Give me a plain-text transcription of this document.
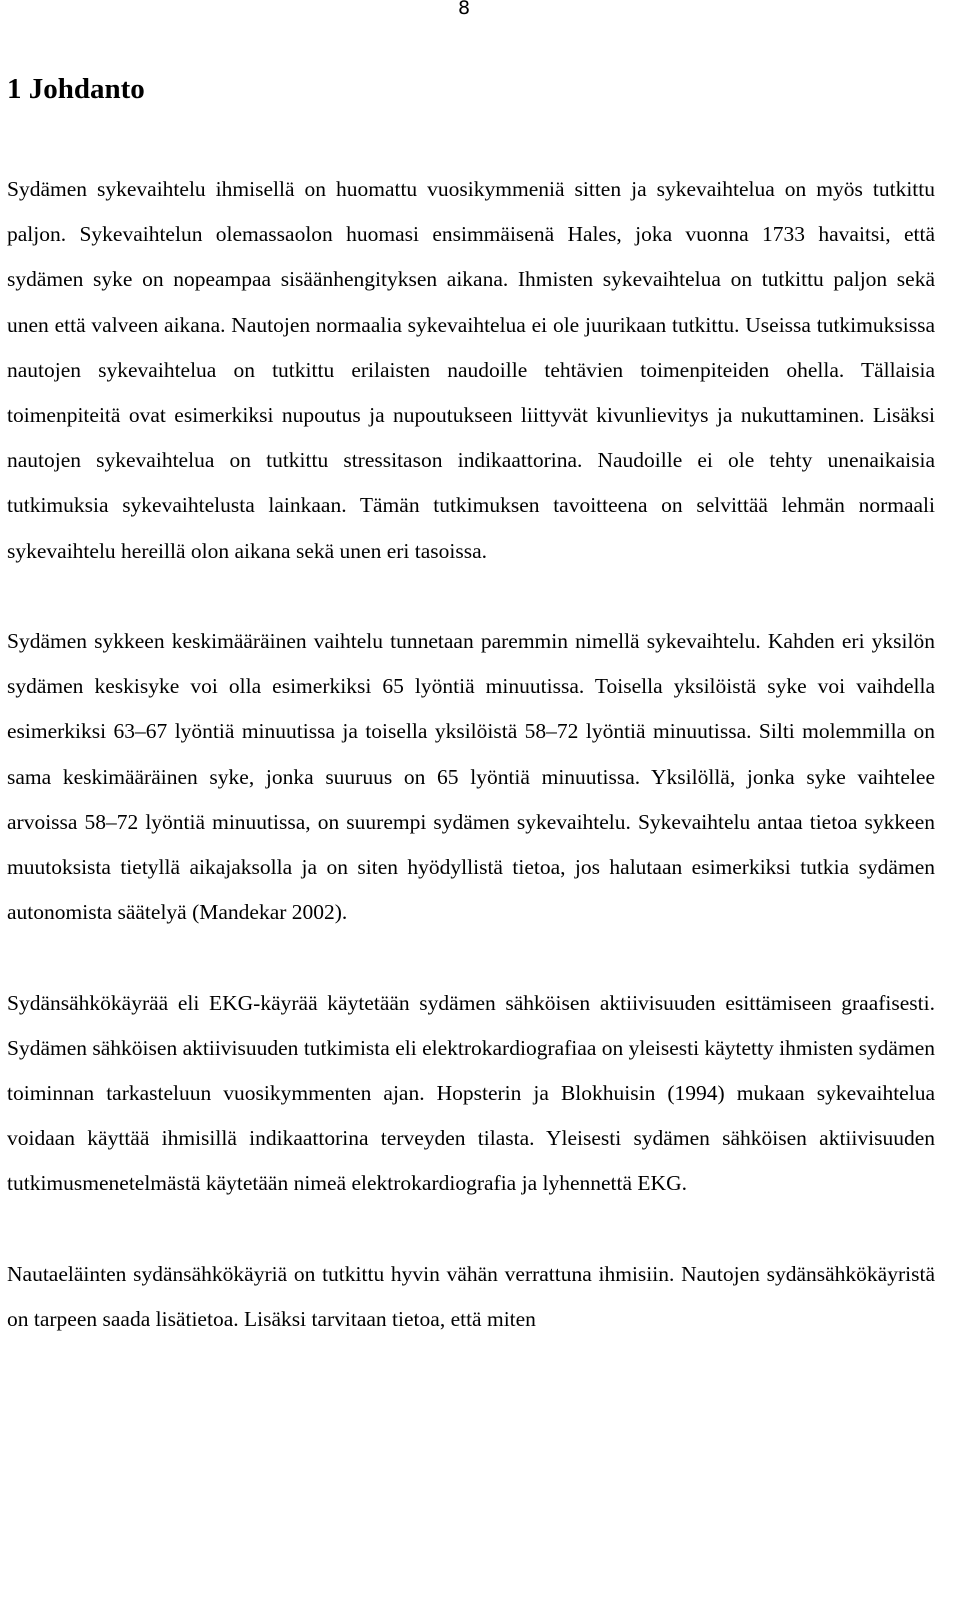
8
1 Johdanto

Sydämen sykevaihtelu ihmisellä on huomattu vuosikymmeniä sitten ja sykevaihtelua on myös tutkittu paljon. Sykevaihtelun olemassaolon huomasi ensimmäisenä Hales, joka vuonna 1733 havaitsi, että sydämen syke on nopeampaa sisäänhengityksen aikana. Ihmisten sykevaihtelua on tutkittu paljon sekä unen että valveen aikana. Nautojen normaalia sykevaihtelua ei ole juurikaan tutkittu. Useissa tutkimuksissa nautojen sykevaihtelua on tutkittu erilaisten naudoille tehtävien toimenpiteiden ohella. Tällaisia toimenpiteitä ovat esimerkiksi nupoutus ja nupoutukseen liittyvät kivunlievitys ja nukuttaminen. Lisäksi nautojen sykevaihtelua on tutkittu stressitason indikaattorina. Naudoille ei ole tehty unenaikaisia tutkimuksia sykevaihtelusta lainkaan. Tämän tutkimuksen tavoitteena on selvittää lehmän normaali sykevaihtelu hereillä olon aikana sekä unen eri tasoissa.

Sydämen sykkeen keskimääräinen vaihtelu tunnetaan paremmin nimellä sykevaihtelu. Kahden eri yksilön sydämen keskisyke voi olla esimerkiksi 65 lyöntiä minuutissa. Toisella yksilöistä syke voi vaihdella esimerkiksi 63–67 lyöntiä minuutissa ja toisella yksilöistä 58–72 lyöntiä minuutissa. Silti molemmilla on sama keskimääräinen syke, jonka suuruus on 65 lyöntiä minuutissa. Yksilöllä, jonka syke vaihtelee arvoissa 58–72 lyöntiä minuutissa, on suurempi sydämen sykevaihtelu. Sykevaihtelu antaa tietoa sykkeen muutoksista tietyllä aikajaksolla ja on siten hyödyllistä tietoa, jos halutaan esimerkiksi tutkia sydämen autonomista säätelyä (Mandekar 2002).

Sydänsähkökäyrää eli EKG-käyrää käytetään sydämen sähköisen aktiivisuuden esittämiseen graafisesti. Sydämen sähköisen aktiivisuuden tutkimista eli elektrokardiografiaa on yleisesti käytetty ihmisten sydämen toiminnan tarkasteluun vuosikymmenten ajan. Hopsterin ja Blokhuisin (1994) mukaan sykevaihtelua voidaan käyttää ihmisillä indikaattorina terveyden tilasta. Yleisesti sydämen sähköisen aktiivisuuden tutkimusmenetelmästä käytetään nimeä elektrokardiografia ja lyhennettä EKG.

Nautaeläinten sydänsähkökäyriä on tutkittu hyvin vähän verrattuna ihmisiin. Nautojen sydänsähkökäyristä on tarpeen saada lisätietoa. Lisäksi tarvitaan tietoa, että miten
